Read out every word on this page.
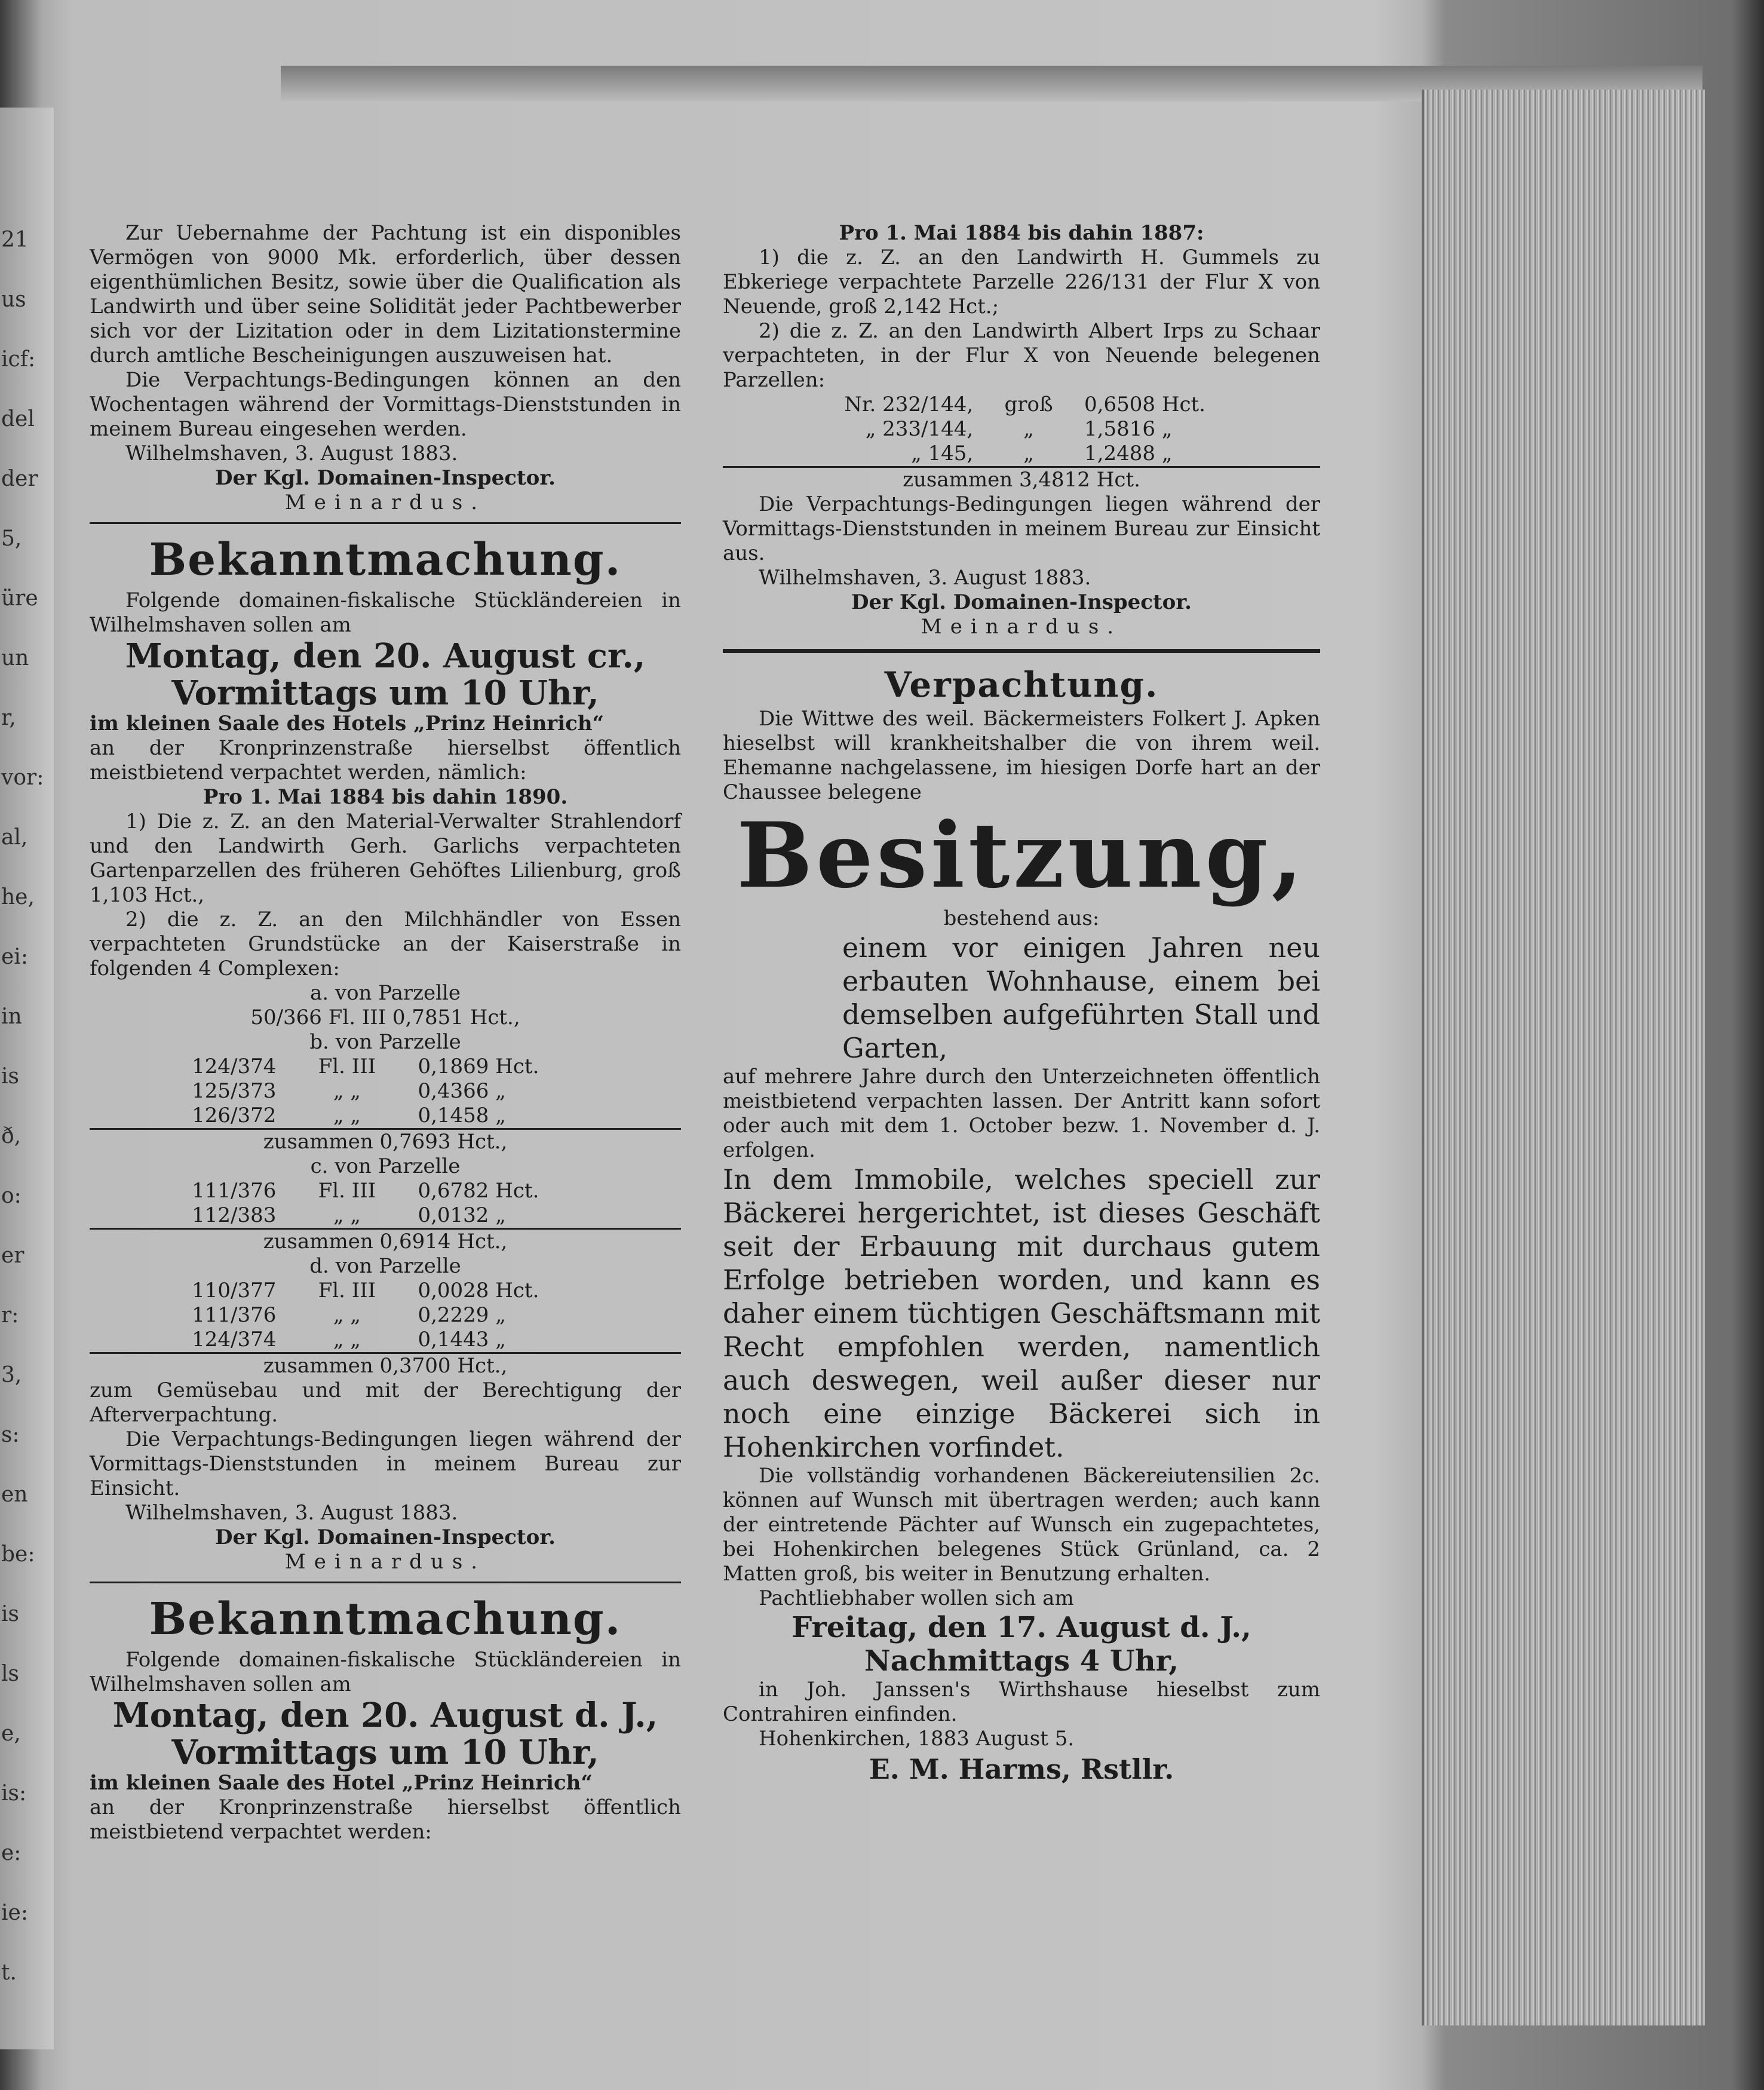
21
us
icf:
del
der
5,
üre
un
r,
vor:
al,
he,
ei:
in
is
ð,
o:
er
r:
3,
s:
en
be:
is
ls
e,
is:
e:
ie:
t.

Zur Uebernahme der Pachtung ist ein disponibles Vermögen von 9000 Mk. erforderlich, über dessen eigenthümlichen Besitz, sowie über die Qualification als Landwirth und über seine Solidität jeder Pachtbewerber sich vor der Lizitation oder in dem Lizitationstermine durch amtliche Bescheinigungen auszuweisen hat.

Die Verpachtungs-Bedingungen können an den Wochentagen während der Vormittags-Dienststunden in meinem Bureau eingesehen werden.

Wilhelmshaven, 3. August 1883.

Der Kgl. Domainen-Inspector.

Meinardus.

Bekanntmachung.

Folgende domainen-fiskalische Stückländereien in Wilhelmshaven sollen am

Montag, den 20. August cr.,
Vormittags um 10 Uhr,

im kleinen Saale des Hotels „Prinz Heinrich“

an der Kronprinzenstraße hierselbst öffentlich meistbietend verpachtet werden, nämlich:

Pro 1. Mai 1884 bis dahin 1890.

1) Die z. Z. an den Material-Verwalter Strahlendorf und den Landwirth Gerh. Garlichs verpachteten Gartenparzellen des früheren Gehöftes Lilienburg, groß 1,103 Hct.,

2) die z. Z. an den Milchhändler von Essen verpachteten Grundstücke an der Kaiserstraße in folgenden 4 Complexen:

a. von Parzelle

50/366 Fl. III 0,7851 Hct.,

b. von Parzelle

124/374	Fl. III	0,1869 Hct.
125/373	„ „	0,4366 „
126/372	„ „	0,1458 „

zusammen 0,7693 Hct.,

c. von Parzelle

111/376	Fl. III	0,6782 Hct.
112/383	„ „	0,0132 „

zusammen 0,6914 Hct.,

d. von Parzelle

110/377	Fl. III	0,0028 Hct.
111/376	„ „	0,2229 „
124/374	„ „	0,1443 „

zusammen 0,3700 Hct.,

zum Gemüsebau und mit der Berechtigung der Afterverpachtung.

Die Verpachtungs-Bedingungen liegen während der Vormittags-Dienststunden in meinem Bureau zur Einsicht.

Wilhelmshaven, 3. August 1883.

Der Kgl. Domainen-Inspector.

Meinardus.

Bekanntmachung.

Folgende domainen-fiskalische Stückländereien in Wilhelmshaven sollen am

Montag, den 20. August d. J.,
Vormittags um 10 Uhr,

im kleinen Saale des Hotel „Prinz Heinrich“

an der Kronprinzenstraße hierselbst öffentlich meistbietend verpachtet werden:

Pro 1. Mai 1884 bis dahin 1887:

1) die z. Z. an den Landwirth H. Gummels zu Ebkeriege verpachtete Parzelle 226/131 der Flur X von Neuende, groß 2,142 Hct.;

2) die z. Z. an den Landwirth Albert Irps zu Schaar verpachteten, in der Flur X von Neuende belegenen Parzellen:

Nr. 232/144,	groß	0,6508 Hct.
„ 233/144,	„	1,5816 „
„ 145,	„	1,2488 „

zusammen 3,4812 Hct.

Die Verpachtungs-Bedingungen liegen während der Vormittags-Dienststunden in meinem Bureau zur Einsicht aus.

Wilhelmshaven, 3. August 1883.

Der Kgl. Domainen-Inspector.

Meinardus.

Verpachtung.

Die Wittwe des weil. Bäckermeisters Folkert J. Apken hieselbst will krankheitshalber die von ihrem weil. Ehemanne nachgelassene, im hiesigen Dorfe hart an der Chaussee belegene

Besitzung,

bestehend aus:

einem vor einigen Jahren neu erbauten Wohnhause, einem bei demselben aufgeführten Stall und Garten,

auf mehrere Jahre durch den Unterzeichneten öffentlich meistbietend verpachten lassen. Der Antritt kann sofort oder auch mit dem 1. October bezw. 1. November d. J. erfolgen.

In dem Immobile, welches speciell zur Bäckerei hergerichtet, ist dieses Geschäft seit der Erbauung mit durchaus gutem Erfolge betrieben worden, und kann es daher einem tüchtigen Geschäftsmann mit Recht empfohlen werden, namentlich auch deswegen, weil außer dieser nur noch eine einzige Bäckerei sich in Hohenkirchen vorfindet.

Die vollständig vorhandenen Bäckereiutensilien 2c. können auf Wunsch mit übertragen werden; auch kann der eintretende Pächter auf Wunsch ein zugepachtetes, bei Hohenkirchen belegenes Stück Grünland, ca. 2 Matten groß, bis weiter in Benutzung erhalten.

Pachtliebhaber wollen sich am

Freitag, den 17. August d. J.,
Nachmittags 4 Uhr,

in Joh. Janssen's Wirthshause hieselbst zum Contrahiren einfinden.

Hohenkirchen, 1883 August 5.

E. M. Harms, Rstllr.
